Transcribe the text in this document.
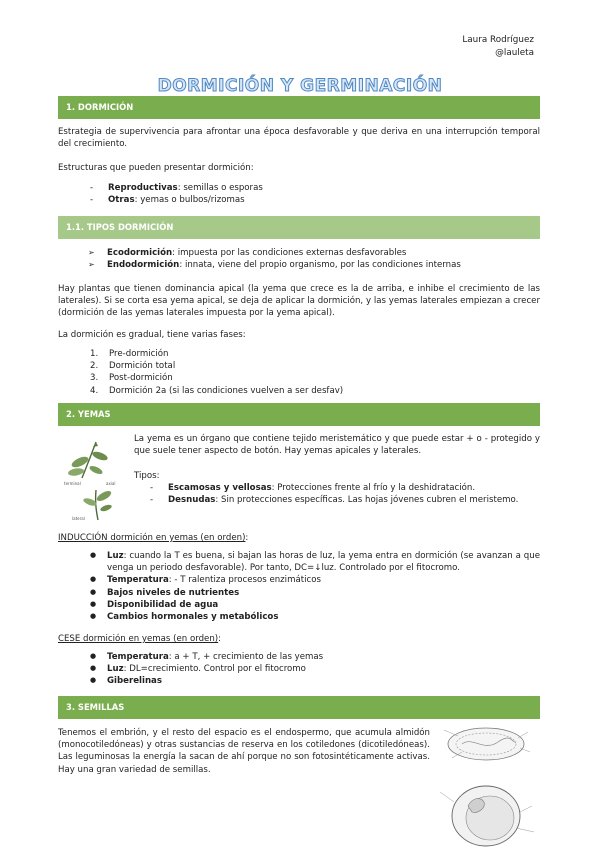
Laura Rodríguez
@lauleta
DORMICIÓN Y GERMINACIÓN
1. DORMICIÓN

Estrategia de supervivencia para afrontar una época desfavorable y que deriva en una interrupción temporal del crecimiento.

Estructuras que pueden presentar dormición:

- Reproductivas: semillas o esporas
- Otras: yemas o bulbos/rizomas
1.1. TIPOS DORMICIÓN
➢ Ecodormición: impuesta por las condiciones externas desfavorables
➢ Endodormición: innata, viene del propio organismo, por las condiciones internas

Hay plantas que tienen dominancia apical (la yema que crece es la de arriba, e inhibe el crecimiento de las laterales). Si se corta esa yema apical, se deja de aplicar la dormición, y las yemas laterales empiezan a crecer (dormición de las yemas laterales impuesta por la yema apical).

La dormición es gradual, tiene varias fases:

1. Pre-dormición
2. Dormición total
3. Post-dormición
4. Dormición 2a (si las condiciones vuelven a ser desfav)
2. YEMAS
terminal	axial
lateral

La yema es un órgano que contiene tejido meristemático y que puede estar + o - protegido y que suele tener aspecto de botón. Hay yemas apicales y laterales.

Tipos:

- Escamosas y vellosas: Protecciones frente al frío y la deshidratación.
- Desnudas: Sin protecciones específicas. Las hojas jóvenes cubren el meristemo.
INDUCCIÓN dormición en yemas (en orden):
● Luz: cuando la T es buena, si bajan las horas de luz, la yema entra en dormición (se avanzan a que venga un periodo desfavorable). Por tanto, DC=↓luz. Controlado por el fitocromo.
● Temperatura: - T ralentiza procesos enzimáticos
● Bajos niveles de nutrientes
● Disponibilidad de agua
● Cambios hormonales y metabólicos
CESE dormición en yemas (en orden):
● Temperatura: a + T, + crecimiento de las yemas
● Luz: DL=crecimiento. Control por el fitocromo
● Giberelinas
3. SEMILLAS

Tenemos el embrión, y el resto del espacio es el endospermo, que acumula almidón (monocotiledóneas) y otras sustancias de reserva en los cotiledones (dicotiledóneas). Las leguminosas la energía la sacan de ahí porque no son fotosintéticamente activas. Hay una gran variedad de semillas.
